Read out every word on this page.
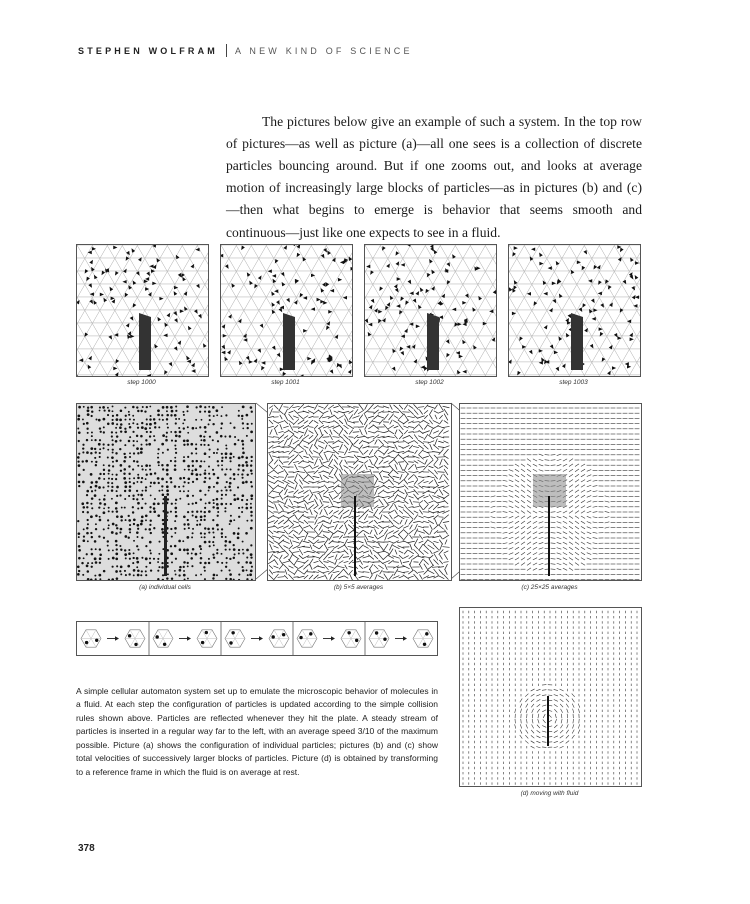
STEPHEN WOLFRAM A NEW KIND OF SCIENCE

The pictures below give an example of such a system. In the top row of pictures—as well as picture (a)—all one sees is a collection of discrete particles bouncing around. But if one zooms out, and looks at average motion of increasingly large blocks of particles—as in pictures (b) and (c)—then what begins to emerge is behavior that seems smooth and continuous—just like one expects to see in a fluid.

step 1000	step 1001	step 1002	step 1003
(a) individual cells	(b) 5×5 averages	(c) 25×25 averages
(d) moving with fluid

A simple cellular automaton system set up to emulate the microscopic behavior of molecules in a fluid. At each step the configuration of particles is updated according to the simple collision rules shown above. Particles are reflected whenever they hit the plate. A steady stream of particles is inserted in a regular way far to the left, with an average speed 3/10 of the maximum possible. Picture (a) shows the configuration of individual particles; pictures (b) and (c) show total velocities of successively larger blocks of particles. Picture (d) is obtained by transforming to a reference frame in which the fluid is on average at rest.

378
